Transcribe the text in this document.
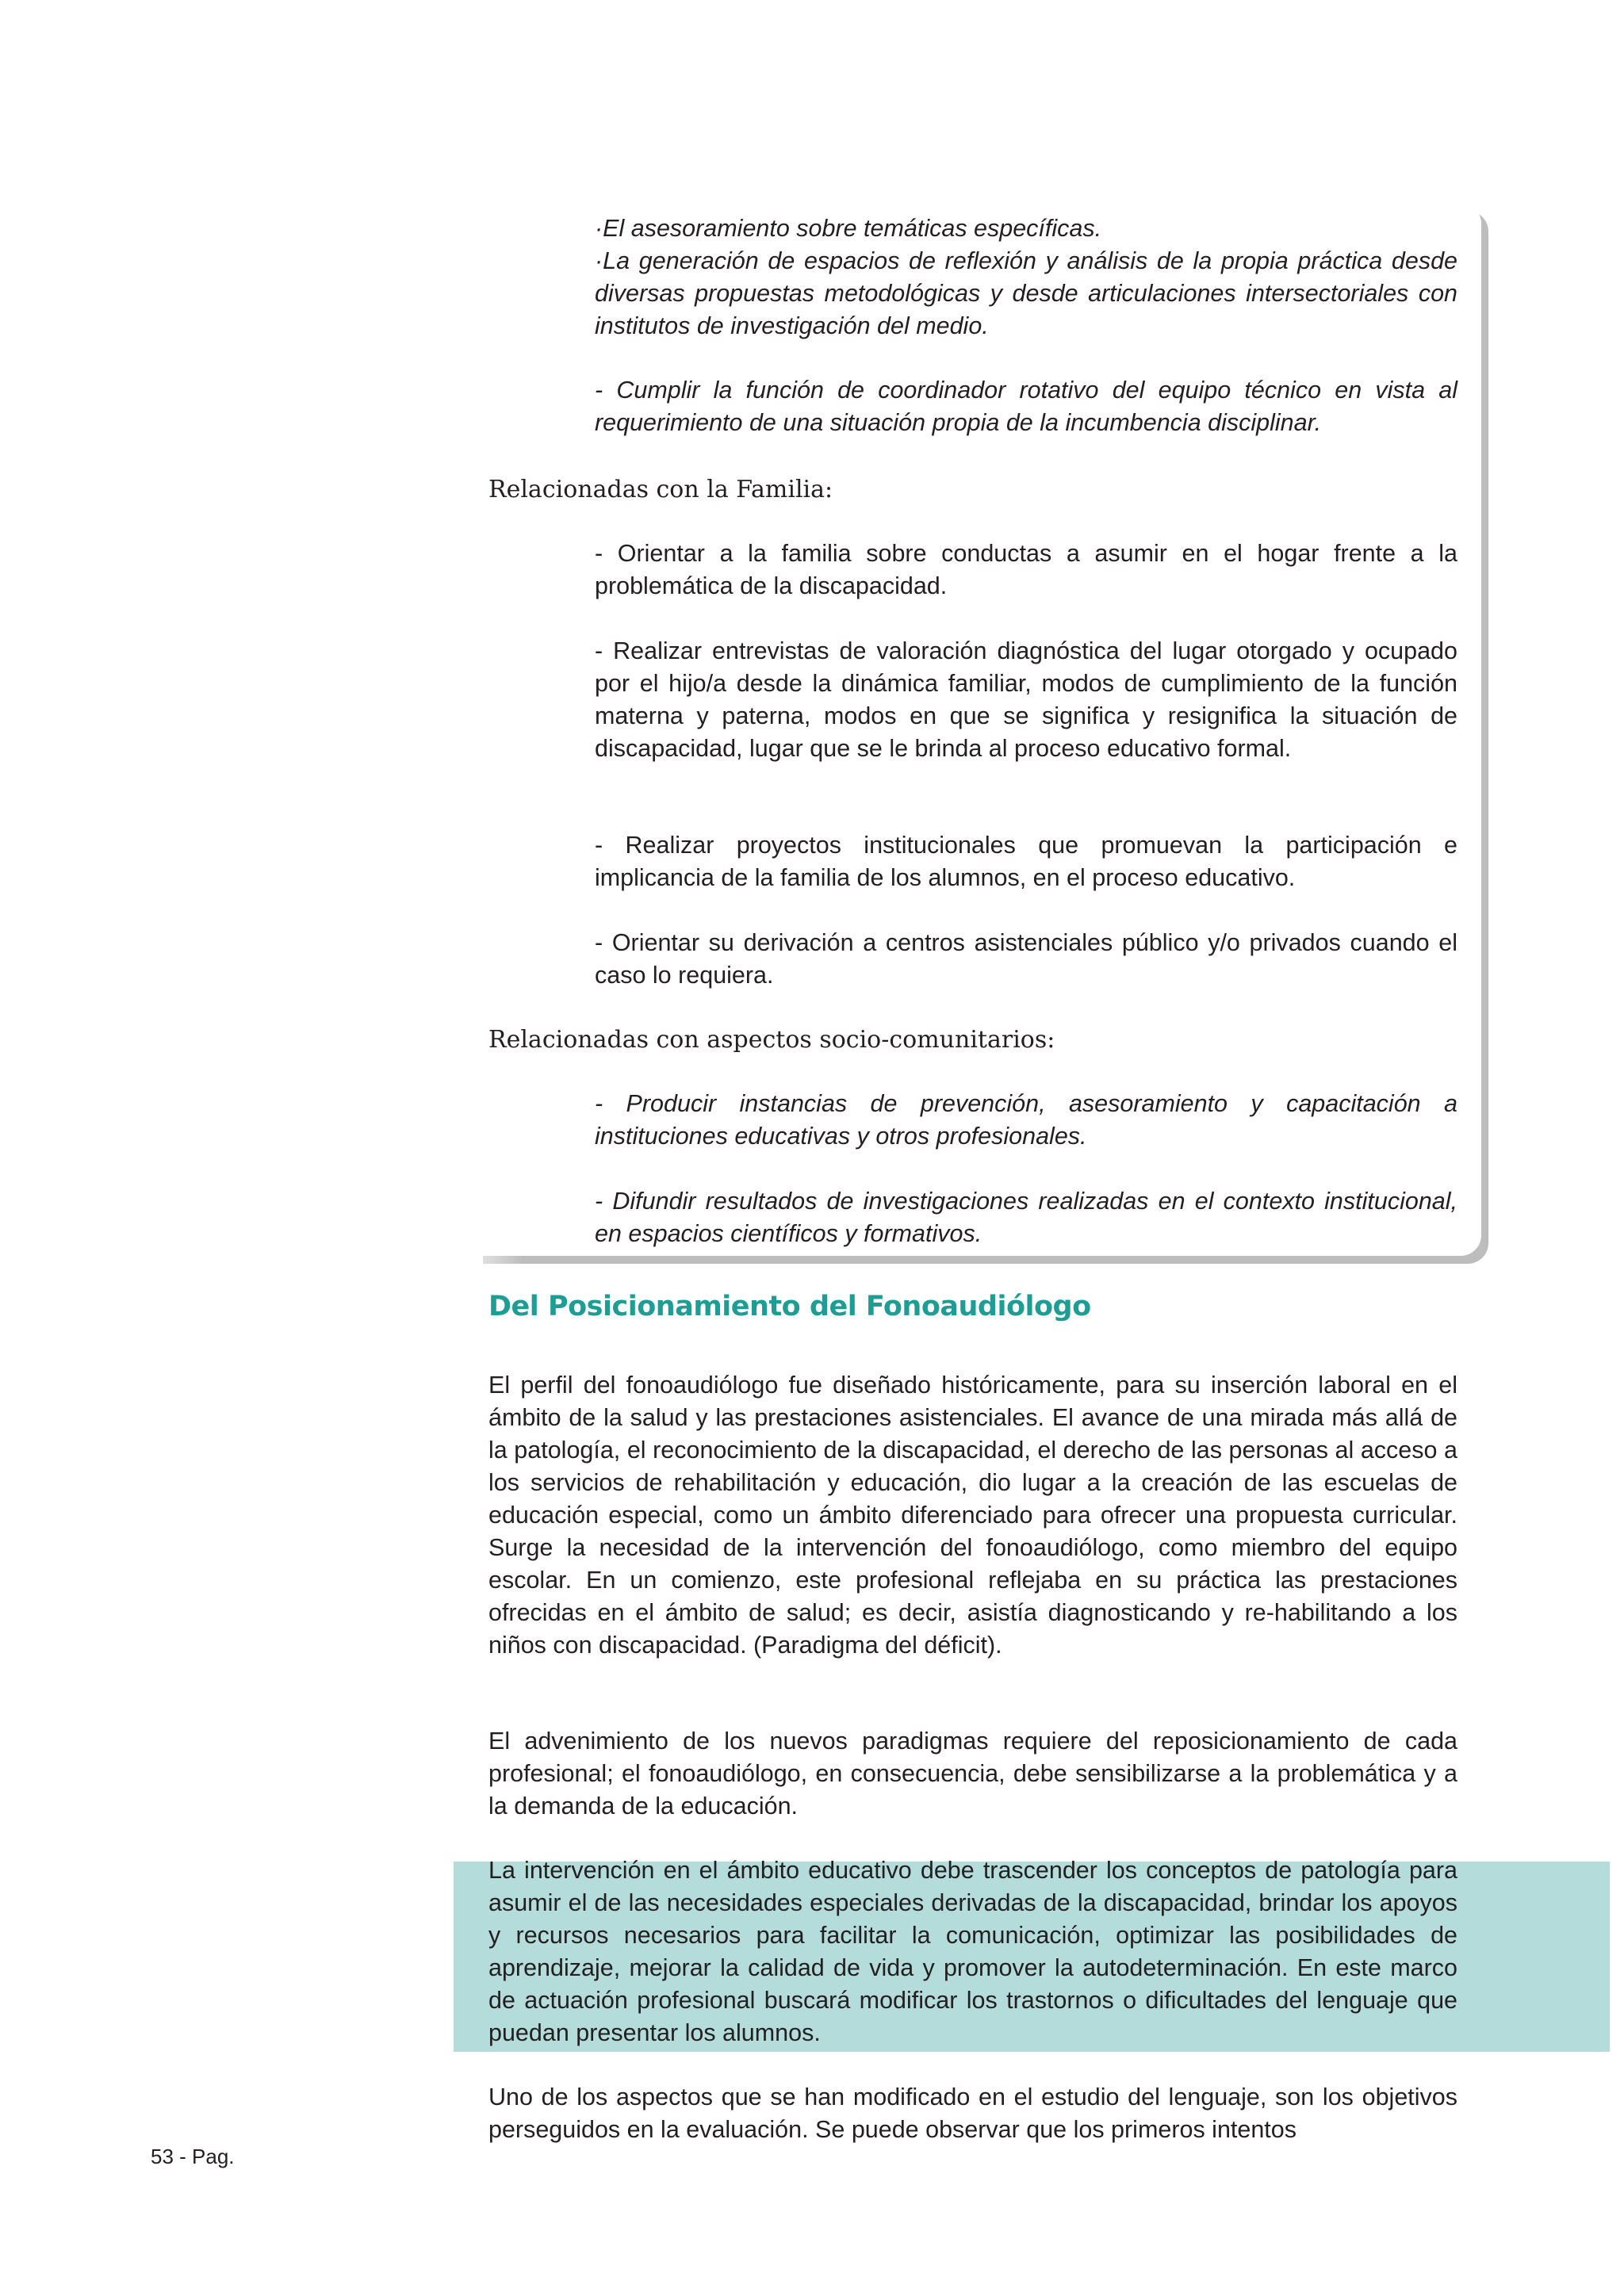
·El asesoramiento sobre temáticas específicas.

·La generación de espacios de reflexión y análisis de la propia práctica desde diversas propuestas metodológicas y desde articulaciones intersectoriales con institutos de investigación del medio.

- Cumplir la función de coordinador rotativo del equipo técnico en vista al requerimiento de una situación propia de la incumbencia disciplinar.

Relacionadas con la Familia:

- Orientar a la familia sobre conductas a asumir en el hogar frente a la problemática de la discapacidad.

- Realizar entrevistas de valoración diagnóstica del lugar otorgado y ocupado por el hijo/a desde la dinámica familiar, modos de cumplimiento de la función materna y paterna, modos en que se significa y resignifica la situación de discapacidad, lugar que se le brinda al proceso educativo formal.

- Realizar proyectos institucionales que promuevan la participación e implicancia de la familia de los alumnos, en el proceso educativo.

- Orientar su derivación a centros asistenciales público y/o privados cuando el caso lo requiera.

Relacionadas con aspectos socio-comunitarios:

- Producir instancias de prevención, asesoramiento y capacitación a instituciones educativas y otros profesionales.

- Difundir resultados de investigaciones realizadas en el contexto institucional, en espacios científicos y formativos.

Del Posicionamiento del Fonoaudiólogo

El perfil del fonoaudiólogo fue diseñado históricamente, para su inserción laboral en el ámbito de la salud y las prestaciones asistenciales. El avance de una mirada más allá de la patología, el reconocimiento de la discapacidad, el derecho de las personas al acceso a los servicios de rehabilitación y educación, dio lugar a la creación de las escuelas de educación especial, como un ámbito diferenciado para ofrecer una propuesta curricular. Surge la necesidad de la intervención del fonoaudiólogo, como miembro del equipo escolar. En un comienzo, este profesional reflejaba en su práctica las prestaciones ofrecidas en el ámbito de salud; es decir, asistía diagnosticando y re-habilitando a los niños con discapacidad. (Paradigma del déficit).

El advenimiento de los nuevos paradigmas requiere del reposicionamiento de cada profesional; el fonoaudiólogo, en consecuencia, debe sensibilizarse a la problemática y a la demanda de la educación.

La intervención en el ámbito educativo debe trascender los conceptos de patología para asumir el de las necesidades especiales derivadas de la discapacidad, brindar los apoyos y recursos necesarios para facilitar la comunicación, optimizar las posibilidades de aprendizaje, mejorar la calidad de vida y promover la autodeterminación. En este marco de actuación profesional buscará modificar los trastornos o dificultades del lenguaje que puedan presentar los alumnos.

Uno de los aspectos que se han modificado en el estudio del lenguaje, son los objetivos perseguidos en la evaluación. Se puede observar que los primeros intentos

53 - Pag.
